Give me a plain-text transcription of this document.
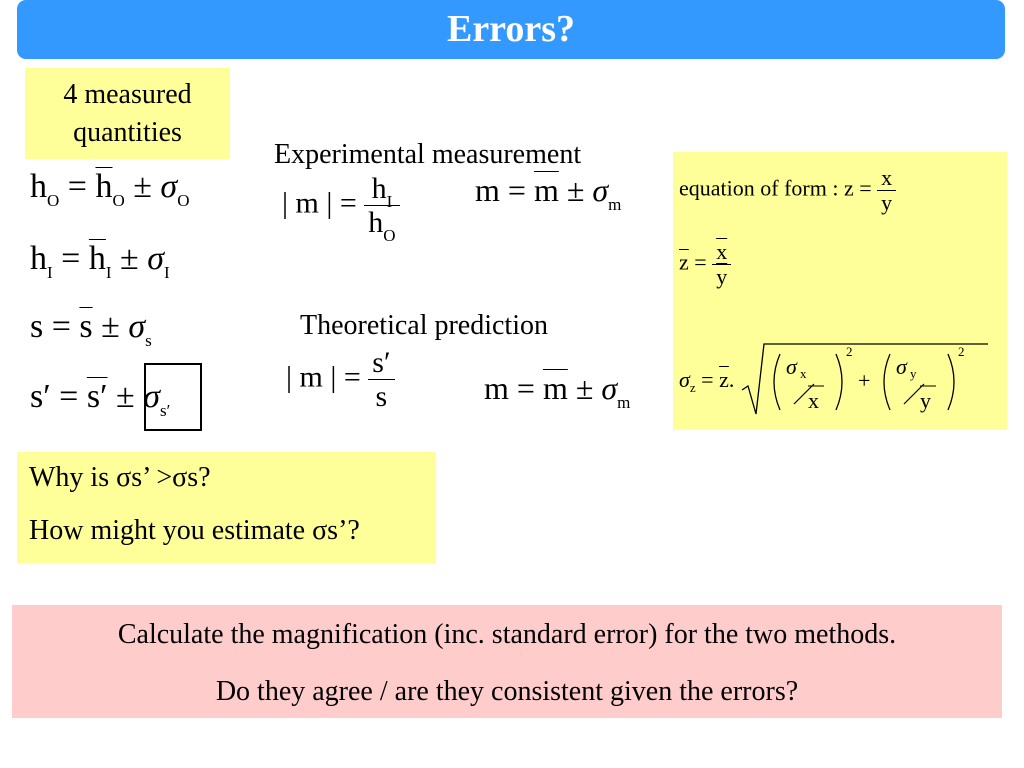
Errors?
4 measured
quantities
$h_O = \overline{h}_O \pm \sigma_O$
$h_I = \overline{h}_I \pm \sigma_I$
$s = \overline{s} \pm \sigma_s$
$s' = s' \pm \sigma_{s'}$
Experimental measurement
| m | = $\frac{h_I}{h_O}$ $m = \overline{m} \pm \sigma_m$
Theoretical prediction
| m | = $\frac{s'}{s}$	$m = \overline{m} \pm \sigma_m$
equation of form : $z = \frac{x}{y}$
$\overline{z} = \frac{\overline{x}}{y}$
$\sigma_z = \overline{z}$.
σ x
x
2
+
σ y
y
2

Why is σs’ >σs?

How might you estimate σs’?

Calculate the magnification (inc. standard error) for the two methods.

Do they agree / are they consistent given the errors?
